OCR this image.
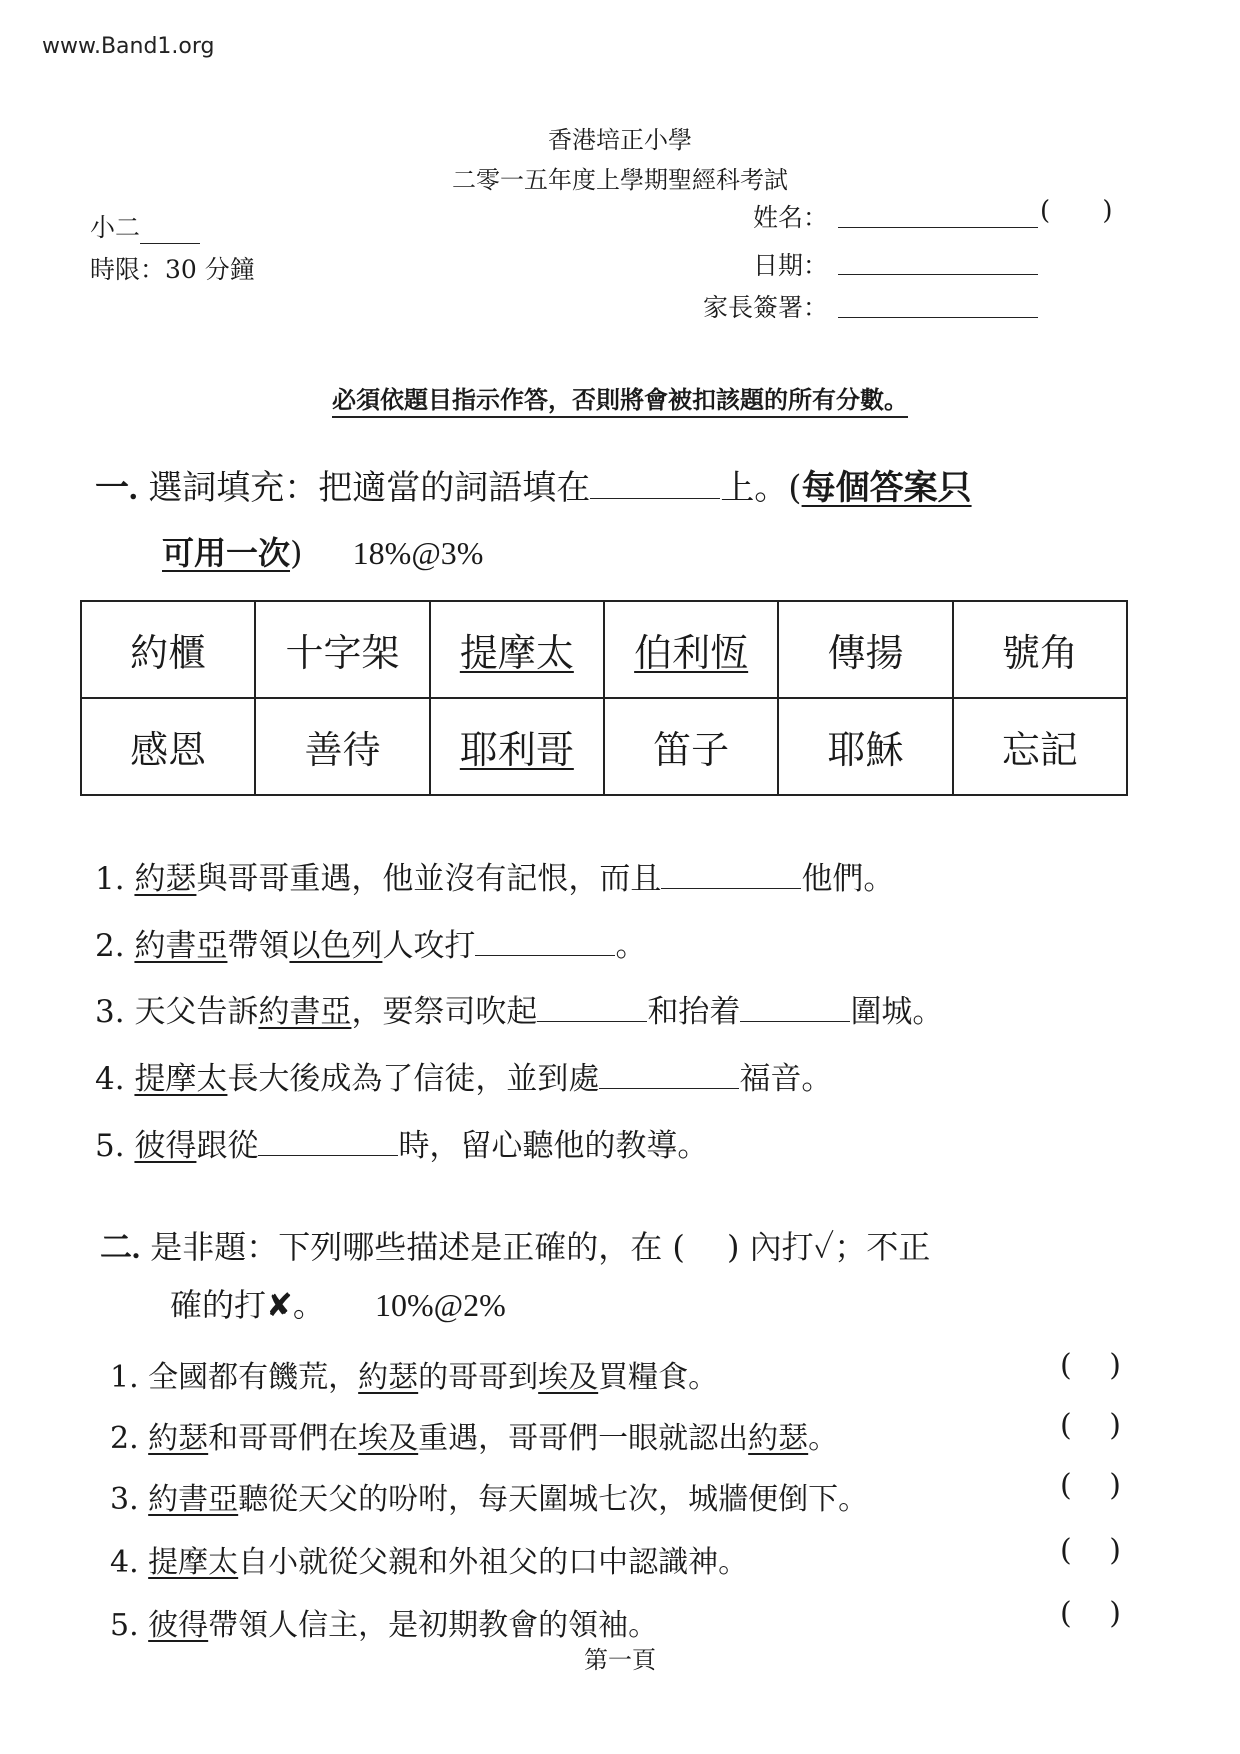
www.Band1.org
香港培正小學
二零一五年度上學期聖經科考試
小二
時限：30 分鐘
姓名：	( )
日期：
家長簽署：
必須依題目指示作答，否則將會被扣該題的所有分數。
一. 選詞填充：把適當的詞語填在	上。(每個答案只
可用一次) 18%@3%
約櫃	十字架	提摩太	伯利恆	傳揚	號角
感恩	善待	耶利哥	笛子	耶穌	忘記
1. 約瑟與哥哥重遇，他並沒有記恨，而且	他們。
2. 約書亞帶領以色列人攻打	。
3. 天父告訴約書亞，要祭司吹起	和抬着	圍城。
4. 提摩太長大後成為了信徒，並到處	福音。
5. 彼得跟從	時，留心聽他的教導。
二. 是非題：下列哪些描述是正確的，在 (　 ) 內打✓；不正
確的打✘。 10%@2%
1. 全國都有饑荒，約瑟的哥哥到埃及買糧食。
2. 約瑟和哥哥們在埃及重遇，哥哥們一眼就認出約瑟。
3. 約書亞聽從天父的吩咐，每天圍城七次，城牆便倒下。
4. 提摩太自小就從父親和外祖父的口中認識神。
5. 彼得帶領人信主，是初期教會的領袖。
( )
( )
( )
( )
( )
第一頁
